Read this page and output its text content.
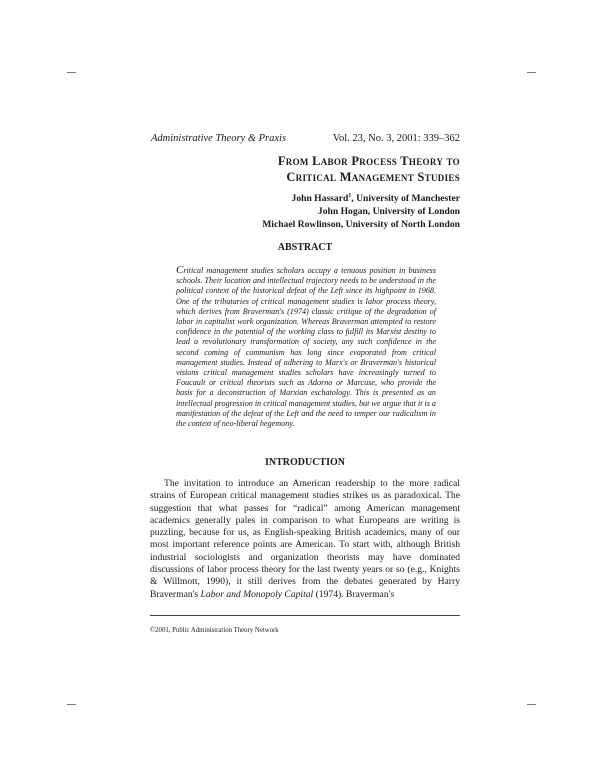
Administrative Theory & Praxis	Vol. 23, No. 3, 2001: 339–362
From Labor Process Theory to
Critical Management Studies
John Hassard$^1$, University of Manchester
John Hogan, University of London
Michael Rowlinson, University of North London
ABSTRACT

Critical management studies scholars occupy a tenuous position in business schools. Their location and intellectual trajectory needs to be understood in the political context of the historical defeat of the Left since its highpoint in 1968. One of the tributaries of critical management studies is labor process theory, which derives from Braverman's (1974) classic critique of the degradation of labor in capitalist work organization. Whereas Braverman attempted to restore confidence in the potential of the working class to fulfill its Marxist destiny to lead a revolutionary transformation of society, any such confidence in the second coming of communism has long since evaporated from critical management studies. Instead of adhering to Marx's or Braverman's historical visions critical management studies scholars have increasingly turned to Foucault or critical theorists such as Adorno or Marcuse, who provide the basis for a deconstruction of Marxian eschatology. This is presented as an intellectual progression in critical management studies, but we argue that it is a manifestation of the defeat of the Left and the need to temper our radicalism in the context of neo-liberal hegemony.

INTRODUCTION

The invitation to introduce an American readership to the more radical strains of European critical management studies strikes us as paradoxical. The suggestion that what passes for “radical” among American management academics generally pales in comparison to what Europeans are writing is puzzling, because for us, as English-speaking British academics, many of our most important reference points are American. To start with, although British industrial sociologists and organization theorists may have dominated discussions of labor process theory for the last twenty years or so (e.g., Knights & Willmott, 1990), it still derives from the debates generated by Harry Braverman's Labor and Monopoly Capital (1974). Braverman's

©2001, Public Administration Theory Network
